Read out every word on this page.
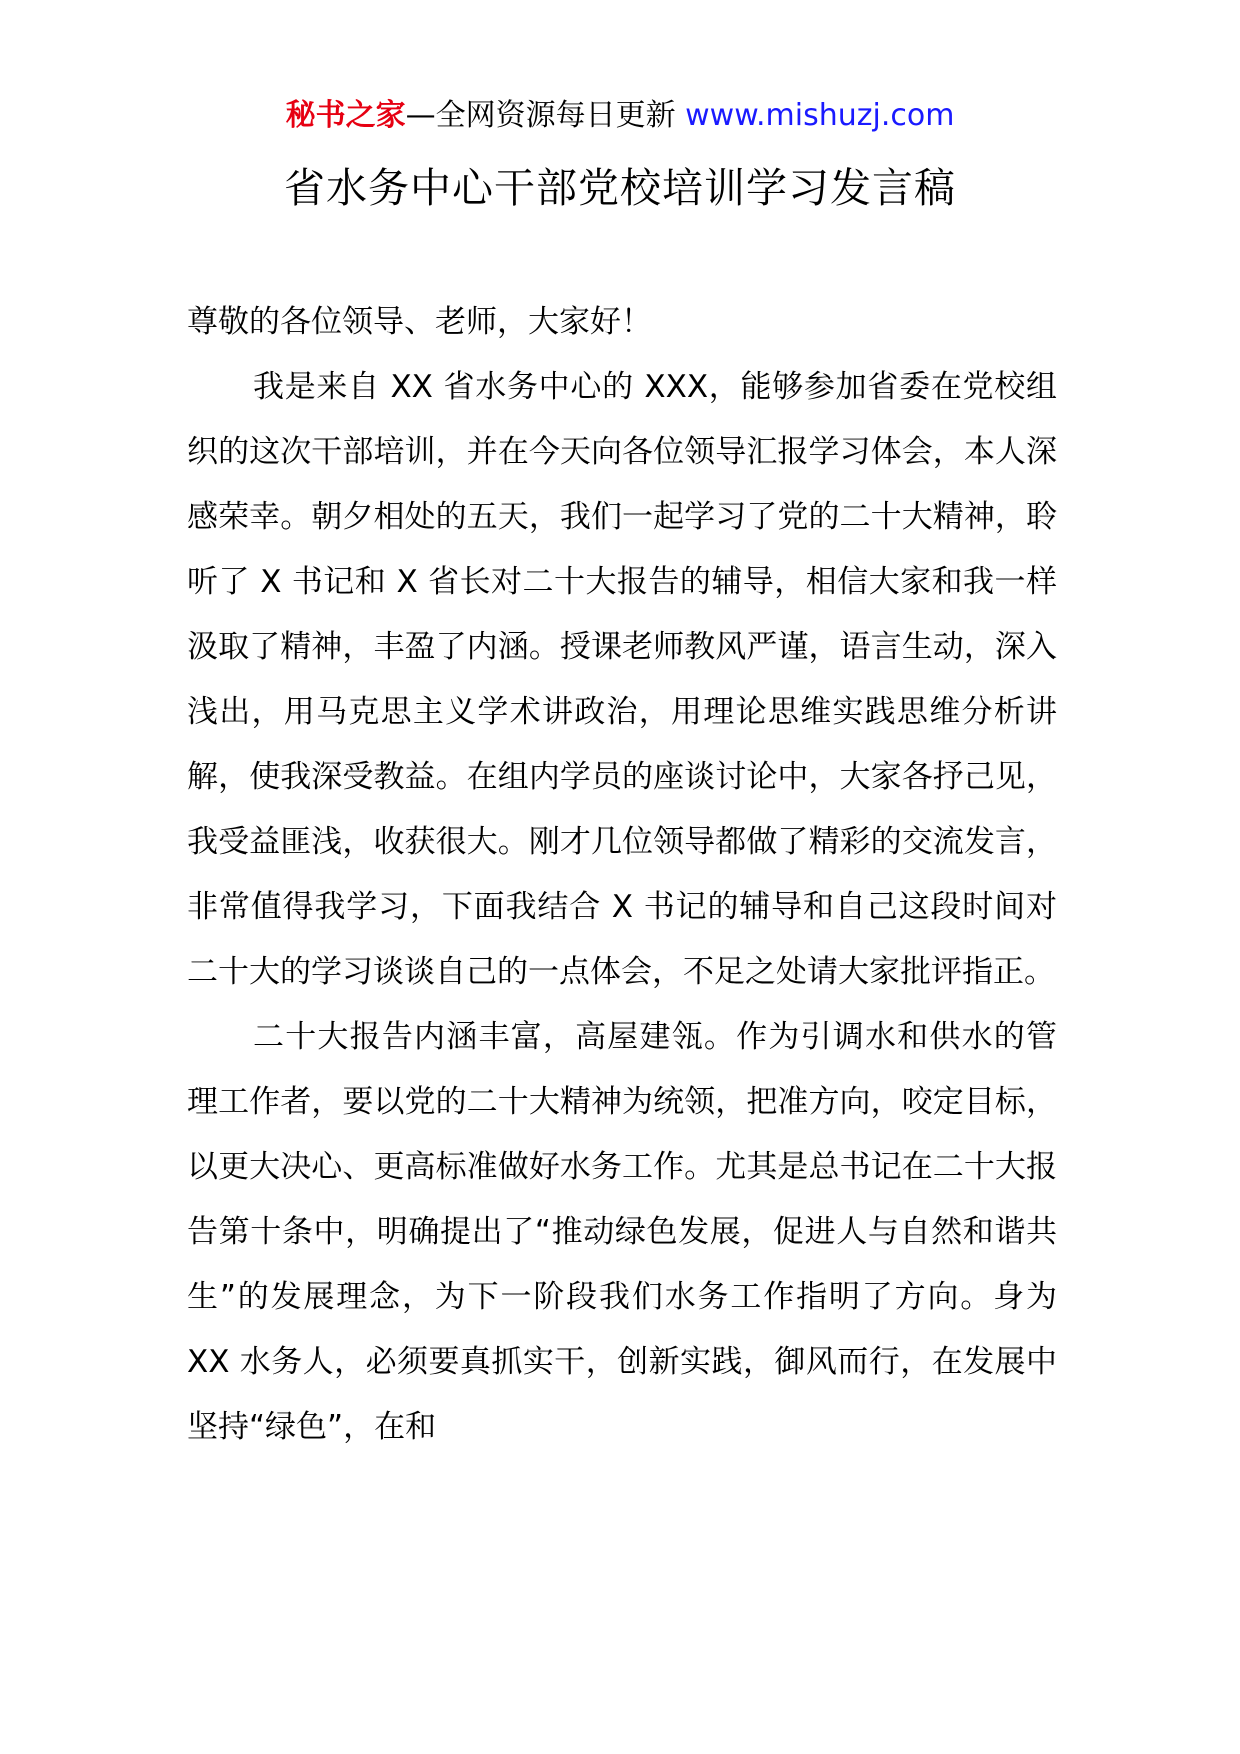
秘书之家—全网资源每日更新 www.mishuzj.com
省水务中心干部党校培训学习发言稿

尊敬的各位领导、老师，大家好！

我是来自 XX 省水务中心的 XXX，能够参加省委在党校组织的这次干部培训，并在今天向各位领导汇报学习体会，本人深感荣幸。朝夕相处的五天，我们一起学习了党的二十大精神，聆听了 X 书记和 X 省长对二十大报告的辅导，相信大家和我一样汲取了精神，丰盈了内涵。授课老师教风严谨，语言生动，深入浅出，用马克思主义学术讲政治，用理论思维实践思维分析讲解，使我深受教益。在组内学员的座谈讨论中，大家各抒己见，我受益匪浅，收获很大。刚才几位领导都做了精彩的交流发言，非常值得我学习，下面我结合 X 书记的辅导和自己这段时间对二十大的学习谈谈自己的一点体会，不足之处请大家批评指正。

二十大报告内涵丰富，高屋建瓴。作为引调水和供水的管理工作者，要以党的二十大精神为统领，把准方向，咬定目标，以更大决心、更高标准做好水务工作。尤其是总书记在二十大报告第十条中，明确提出了“推动绿色发展，促进人与自然和谐共生”的发展理念，为下一阶段我们水务工作指明了方向。身为 XX 水务人，必须要真抓实干，创新实践，御风而行，在发展中坚持“绿色”，在和
